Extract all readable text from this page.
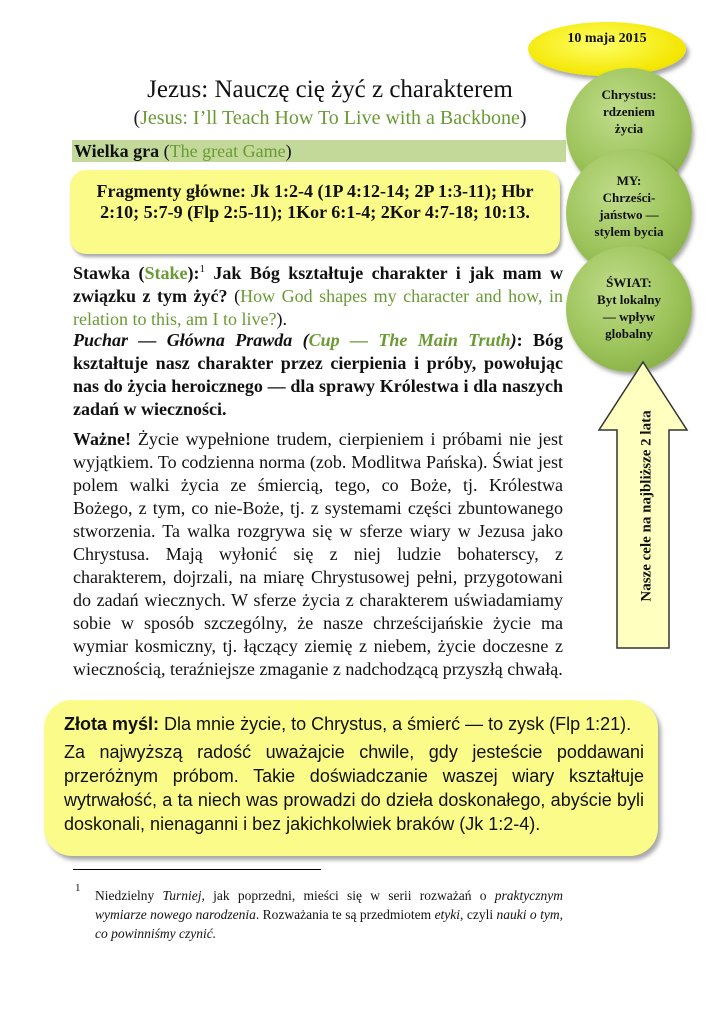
10 maja 2015
Jezus: Nauczę cię żyć z charakterem
(Jesus: I’ll Teach How To Live with a Backbone)
Wielka gra (The great Game)
Fragmenty główne: Jk 1:2-4 (1P 4:12-14; 2P 1:3-11); Hbr 2:10; 5:7-9 (Flp 2:5-11); 1Kor 6:1-4; 2Kor 4:7-18; 10:13.
Stawka (Stake):$^1$ Jak Bóg kształtuje charakter i jak mam w związku z tym żyć? (How God shapes my character and how, in relation to this, am I to live?).
Puchar — Główna Prawda (Cup — The Main Truth): Bóg kształtuje nasz charakter przez cierpienia i próby, powołując nas do życia heroicznego — dla sprawy Królestwa i dla naszych zadań w wieczności.
Ważne! Życie wypełnione trudem, cierpieniem i próbami nie jest wyjątkiem. To codzienna norma (zob. Modlitwa Pańska). Świat jest polem walki życia ze śmiercią, tego, co Boże, tj. Królestwa Bożego, z tym, co nie-Boże, tj. z systemami części zbuntowanego stworzenia. Ta walka rozgrywa się w sferze wiary w Jezusa jako Chrystusa. Mają wyłonić się z niej ludzie bohaterscy, z charakterem, dojrzali, na miarę Chrystusowej pełni, przygotowani do zadań wiecznych. W sferze życia z charakterem uświadamiamy sobie w sposób szczególny, że nasze chrześcijańskie życie ma wymiar kosmiczny, tj. łączący ziemię z niebem, życie doczesne z wiecznością, teraźniejsze zmaganie z nadchodzącą przyszłą chwałą.
Chrystus:
rdzeniem
życia
MY:
Chrześci-
jaństwo —
stylem bycia
ŚWIAT:
Byt lokalny
— wpływ
globalny
Nasze cele na najbliższe 2 lata
Złota myśl: Dla mnie życie, to Chrystus, a śmierć — to zysk (Flp 1:21).
Za najwyższą radość uważajcie chwile, gdy jesteście poddawani przeróżnym próbom. Takie doświadczanie waszej wiary kształtuje wytrwałość, a ta niech was prowadzi do dzieła doskonałego, abyście byli doskonali, nienaganni i bez jakichkolwiek braków (Jk 1:2-4).
1 Niedzielny Turniej, jak poprzedni, mieści się w serii rozważań o praktycznym wymiarze nowego narodzenia. Rozważania te są przedmiotem etyki, czyli nauki o tym, co powinniśmy czynić.
